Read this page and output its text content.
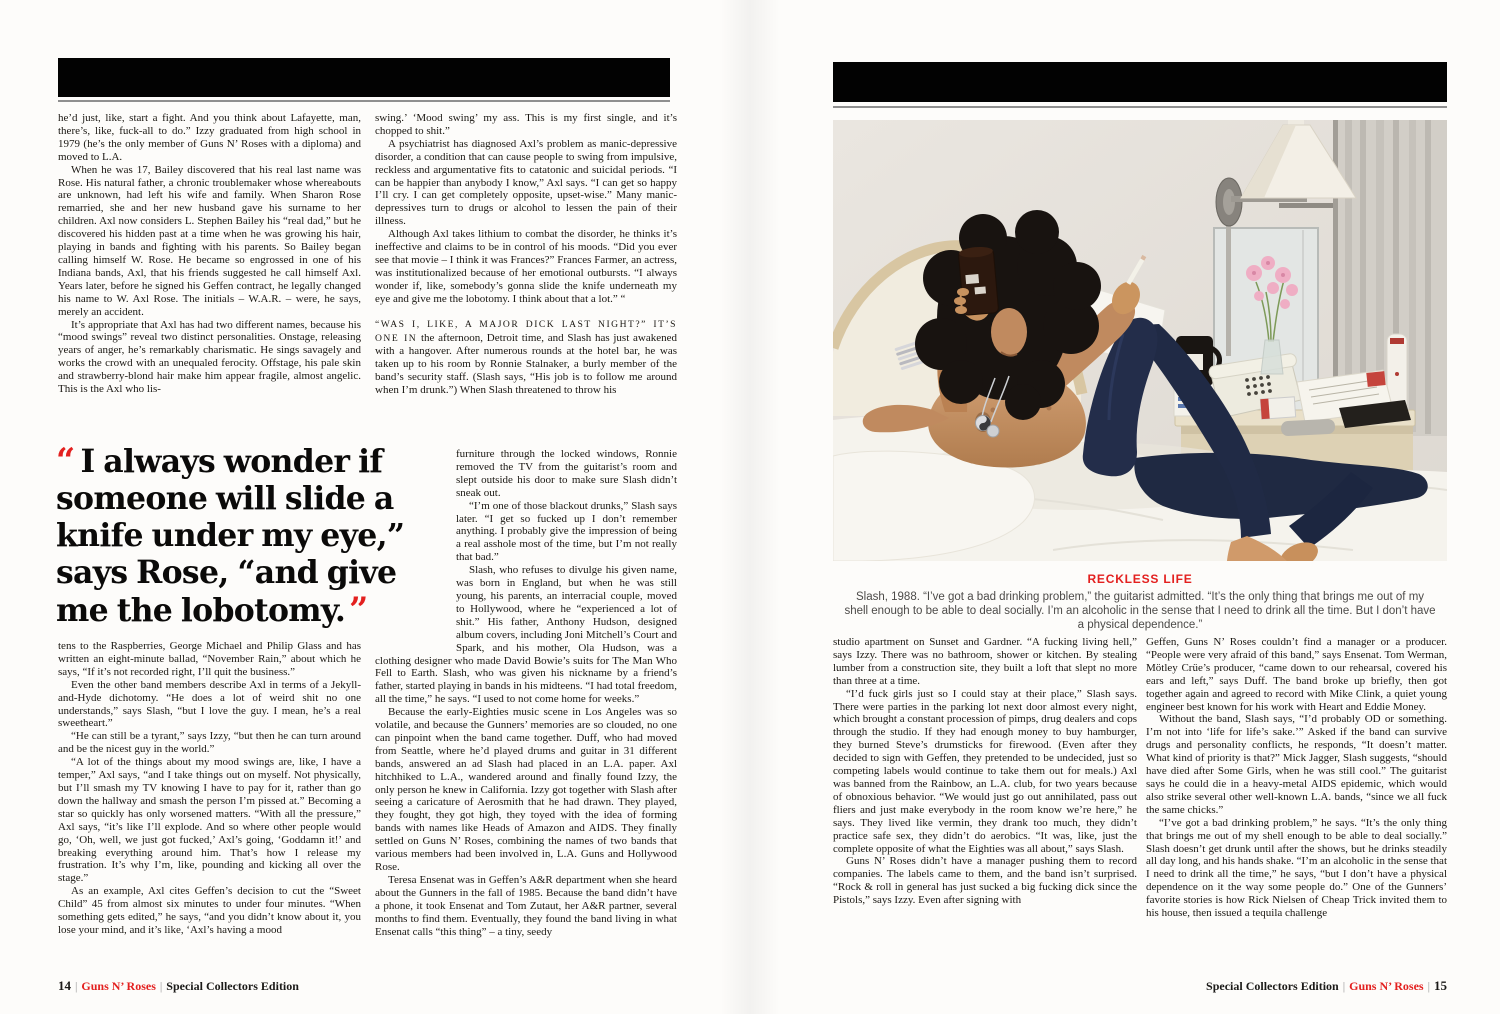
he’d just, like, start a fight. And you think about Lafayette, man, there’s, like, fuck-all to do.” Izzy graduated from high school in 1979 (he’s the only member of Guns N’ Roses with a diploma) and moved to L.A.

When he was 17, Bailey discovered that his real last name was Rose. His natural father, a chronic troublemaker whose whereabouts are unknown, had left his wife and family. When Sharon Rose remarried, she and her new husband gave his surname to her children. Axl now considers L. Stephen Bailey his “real dad,” but he discovered his hidden past at a time when he was growing his hair, playing in bands and fighting with his parents. So Bailey began calling himself W. Rose. He became so engrossed in one of his Indiana bands, Axl, that his friends suggested he call himself Axl. Years later, before he signed his Geffen contract, he legally changed his name to W. Axl Rose. The initials – W.A.R. – were, he says, merely an accident.

It’s appropriate that Axl has had two different names, because his “mood swings” reveal two distinct personalities. Onstage, releasing years of anger, he’s remarkably charismatic. He sings savagely and works the crowd with an unequaled ferocity. Offstage, his pale skin and strawberry-blond hair make him appear fragile, almost angelic. This is the Axl who lis-

“ I always wonder if someone will slide a knife under my eye,” says Rose, “and give me the lobotomy. ”

tens to the Raspberries, George Michael and Philip Glass and has written an eight-minute ballad, “November Rain,” about which he says, “If it’s not recorded right, I’ll quit the business.”

Even the other band members describe Axl in terms of a Jekyll-and-Hyde dichotomy. “He does a lot of weird shit no one understands,” says Slash, “but I love the guy. I mean, he’s a real sweetheart.”

“He can still be a tyrant,” says Izzy, “but then he can turn around and be the nicest guy in the world.”

“A lot of the things about my mood swings are, like, I have a temper,” Axl says, “and I take things out on myself. Not physically, but I’ll smash my TV knowing I have to pay for it, rather than go down the hallway and smash the person I’m pissed at.” Becoming a star so quickly has only worsened matters. “With all the pressure,” Axl says, “it’s like I’ll explode. And so where other people would go, ‘Oh, well, we just got fucked,’ Axl’s going, ‘Goddamn it!’ and breaking everything around him. That’s how I release my frustration. It’s why I’m, like, pounding and kicking all over the stage.”

As an example, Axl cites Geffen’s decision to cut the “Sweet Child” 45 from almost six minutes to under four minutes. “When something gets edited,” he says, “and you didn’t know about it, you lose your mind, and it’s like, ‘Axl’s having a mood

swing.’ ‘Mood swing’ my ass. This is my first single, and it’s chopped to shit.”

A psychiatrist has diagnosed Axl’s problem as manic-depressive disorder, a condition that can cause people to swing from impulsive, reckless and argumentative fits to catatonic and suicidal periods. “I can be happier than anybody I know,” Axl says. “I can get so happy I’ll cry. I can get completely opposite, upset-wise.” Many manic-depressives turn to drugs or alcohol to lessen the pain of their illness.

Although Axl takes lithium to combat the disorder, he thinks it’s ineffective and claims to be in control of his moods. “Did you ever see that movie – I think it was Frances?” Frances Farmer, an actress, was institutionalized because of her emotional outbursts. “I always wonder if, like, somebody’s gonna slide the knife underneath my eye and give me the lobotomy. I think about that a lot.” “

“WAS I, LIKE, A MAJOR DICK LAST NIGHT?” IT’S ONE IN the afternoon, Detroit time, and Slash has just awakened with a hangover. After numerous rounds at the hotel bar, he was taken up to his room by Ronnie Stalnaker, a burly member of the band’s security staff. (Slash says, “His job is to follow me around when I’m drunk.”) When Slash threatened to throw his

furniture through the locked windows, Ronnie removed the TV from the guitarist’s room and slept outside his door to make sure Slash didn’t sneak out.

“I’m one of those blackout drunks,” Slash says later. “I get so fucked up I don’t remember anything. I probably give the impression of being a real asshole most of the time, but I’m not really that bad.”

Slash, who refuses to divulge his given name, was born in England, but when he was still young, his parents, an interracial couple, moved to Hollywood, where he “experienced a lot of shit.” His father, Anthony Hudson, designed album covers, including Joni Mitchell’s Court and Spark, and his mother, Ola Hudson, was a clothing designer who made David Bowie’s suits for The Man Who Fell to Earth. Slash, who was given his nickname by a friend’s father, started playing in bands in his midteens. “I had total freedom, all the time,” he says. “I used to not come home for weeks.”

Because the early-Eighties music scene in Los Angeles was so volatile, and because the Gunners’ memories are so clouded, no one can pinpoint when the band came together. Duff, who had moved from Seattle, where he’d played drums and guitar in 31 different bands, answered an ad Slash had placed in an L.A. paper. Axl hitchhiked to L.A., wandered around and finally found Izzy, the only person he knew in California. Izzy got together with Slash after seeing a caricature of Aerosmith that he had drawn. They played, they fought, they got high, they toyed with the idea of forming bands with names like Heads of Amazon and AIDS. They finally settled on Guns N’ Roses, combining the names of two bands that various members had been involved in, L.A. Guns and Hollywood Rose.

Teresa Ensenat was in Geffen’s A&R department when she heard about the Gunners in the fall of 1985. Because the band didn’t have a phone, it took Ensenat and Tom Zutaut, her A&R partner, several months to find them. Eventually, they found the band living in what Ensenat calls “this thing” – a tiny, seedy

14 | Guns N’ Roses | Special Collectors Edition
RECKLESS LIFE
Slash, 1988. “I’ve got a bad drinking problem,” the guitarist admitted. “It’s the only thing that brings me out of my shell enough to be able to deal socially. I’m an alcoholic in the sense that I need to drink all the time. But I don’t have a physical dependence.”

studio apartment on Sunset and Gardner. “A fucking living hell,” says Izzy. There was no bathroom, shower or kitchen. By stealing lumber from a construction site, they built a loft that slept no more than three at a time.

“I’d fuck girls just so I could stay at their place,” Slash says. There were parties in the parking lot next door almost every night, which brought a constant procession of pimps, drug dealers and cops through the studio. If they had enough money to buy hamburger, they burned Steve’s drumsticks for firewood. (Even after they decided to sign with Geffen, they pretended to be undecided, just so competing labels would continue to take them out for meals.) Axl was banned from the Rainbow, an L.A. club, for two years because of obnoxious behavior. “We would just go out annihilated, pass out fliers and just make everybody in the room know we’re here,” he says. They lived like vermin, they drank too much, they didn’t practice safe sex, they didn’t do aerobics. “It was, like, just the complete opposite of what the Eighties was all about,” says Slash.

Guns N’ Roses didn’t have a manager pushing them to record companies. The labels came to them, and the band isn’t surprised. “Rock & roll in general has just sucked a big fucking dick since the Pistols,” says Izzy. Even after signing with

Geffen, Guns N’ Roses couldn’t find a manager or a producer. “People were very afraid of this band,” says Ensenat. Tom Werman, Mötley Crüe’s producer, “came down to our rehearsal, covered his ears and left,” says Duff. The band broke up briefly, then got together again and agreed to record with Mike Clink, a quiet young engineer best known for his work with Heart and Eddie Money.

Without the band, Slash says, “I’d probably OD or something. I’m not into ‘life for life’s sake.’” Asked if the band can survive drugs and personality conflicts, he responds, “It doesn’t matter. What kind of priority is that?” Mick Jagger, Slash suggests, “should have died after Some Girls, when he was still cool.” The guitarist says he could die in a heavy-metal AIDS epidemic, which would also strike several other well-known L.A. bands, “since we all fuck the same chicks.”

“I’ve got a bad drinking problem,” he says. “It’s the only thing that brings me out of my shell enough to be able to deal socially.” Slash doesn’t get drunk until after the shows, but he drinks steadily all day long, and his hands shake. “I’m an alcoholic in the sense that I need to drink all the time,” he says, “but I don’t have a physical dependence on it the way some people do.” One of the Gunners’ favorite stories is how Rick Nielsen of Cheap Trick invited them to his house, then issued a tequila challenge

Special Collectors Edition | Guns N’ Roses | 15
